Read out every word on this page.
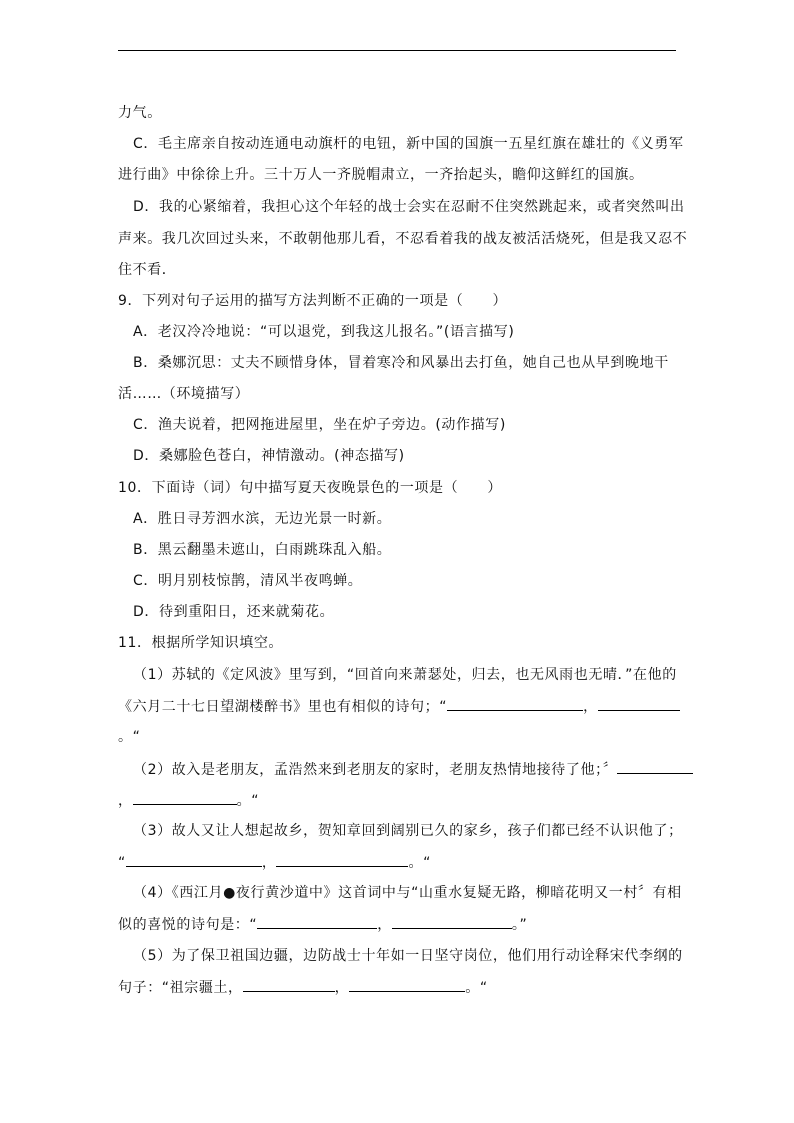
力气。
C．毛主席亲自按动连通电动旗杆的电钮，新中国的国旗一五星红旗在雄壮的《义勇军
进行曲》中徐徐上升。三十万人一齐脱帽肃立，一齐抬起头，瞻仰这鲜红的国旗。
D．我的心紧缩着，我担心这个年轻的战士会实在忍耐不住突然跳起来，或者突然叫出
声来。我几次回过头来，不敢朝他那儿看，不忍看着我的战友被活活烧死，但是我又忍不
住不看．
9．下列对句子运用的描写方法判断不正确的一项是（　　）
A．老汉冷冷地说：“可以退党，到我这儿报名。”(语言描写)
B．桑娜沉思：丈夫不顾惜身体，冒着寒冷和风暴出去打鱼，她自己也从早到晚地干
活……（环境描写）
C．渔夫说着，把网拖进屋里，坐在炉子旁边。(动作描写)
D．桑娜脸色苍白，神情激动。(神态描写)
10．下面诗（词）句中描写夏天夜晚景色的一项是（　　）
A．胜日寻芳泗水滨，无边光景一时新。
B．黑云翻墨未遮山，白雨跳珠乱入船。
C．明月别枝惊鹊，清风半夜鸣蝉。
D．待到重阳日，还来就菊花。
11．根据所学知识填空。
（1）苏轼的《定风波》里写到，“回首向来萧瑟处，归去，也无风雨也无晴．”在他的
《六月二十七日望湖楼醉书》里也有相似的诗句；“	，
。“
（2）故入是老朋友，孟浩然来到老朋友的家时，老朋友热情地接待了他；〞
，	。“
（3）故人又让人想起故乡，贺知章回到阔别已久的家乡，孩子们都已经不认识他了；
“	，	。“
（4）《西江月●夜行黄沙道中》这首词中与“山重水复疑无路，柳暗花明又一村〞有相
似的喜悦的诗句是：“	，	。”
（5）为了保卫祖国边疆，边防战士十年如一日坚守岗位，他们用行动诠释宋代李纲的
句子：“祖宗疆土，	，	。“
